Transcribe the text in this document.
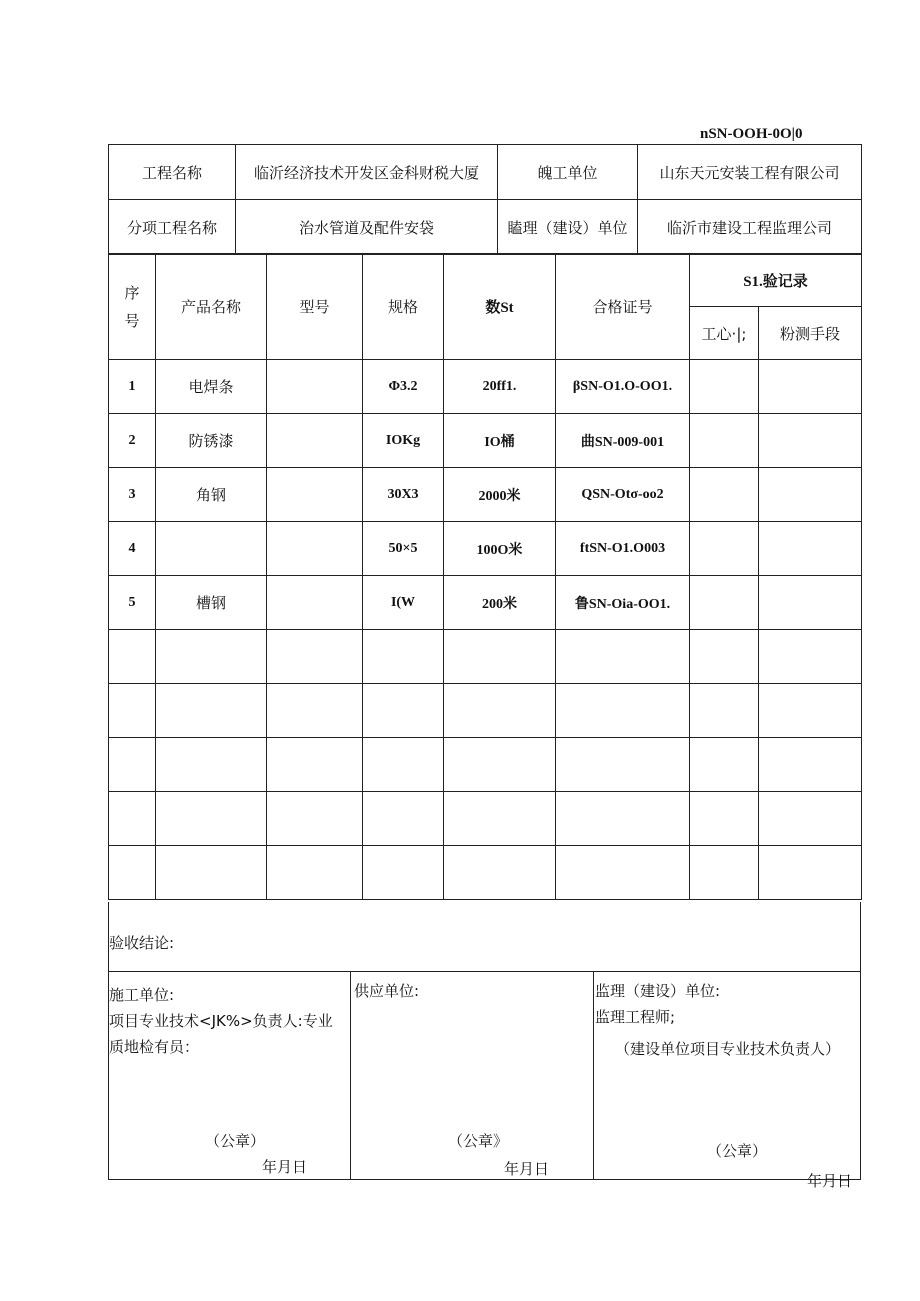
nSN-OOH-0O|0
工程名称	临沂经济技术开发区金科财税大厦	魄工单位	山东天元安装工程有限公司
分项工程名称	治水管道及配件安袋	瞌理（建设）单位	临沂市建设工程监理公司
序
号	产品名称	型号	规格	数St	合格证号	S1.验记录	
						工心·|;	粉测手段
1	电焊条		Φ3.2	20ff1.	βSN-O1.O-OO1.		
2	防锈漆		IOKg	IO桶	曲SN-009-001		
3	角钢		30X3	2000米	QSN-Otσ-oo2		
4			50×5	100O米	ftSN-O1.O003		
5	槽钢		I(W	200米	鲁SN-Oia-OO1.		

验收结论:
施工单位:
项目专业技术<JK%>负责人:专业
质地检有员：
（公章）
年月日
供应单位:
（公章》
年月日
监理（建设）单位:
监理工程师;
（建设单位项目专业技术负责人）
（公章）
年月日
